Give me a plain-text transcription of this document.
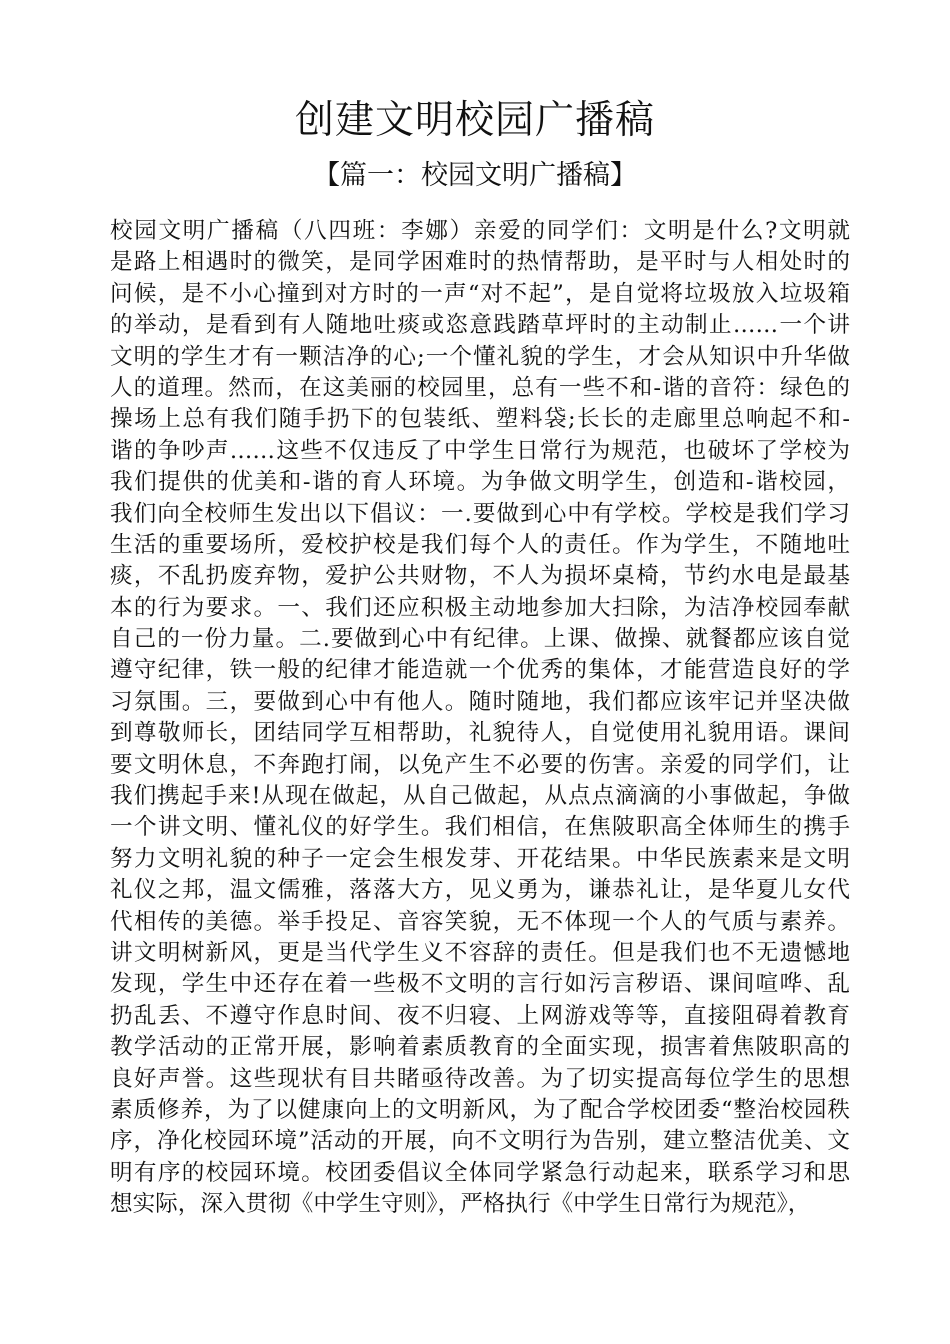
创建文明校园广播稿
【篇一：校园文明广播稿】
校园文明广播稿（八四班：李娜）亲爱的同学们：文明是什么?文明就
是路上相遇时的微笑，是同学困难时的热情帮助，是平时与人相处时的
问候，是不小心撞到对方时的一声“对不起”，是自觉将垃圾放入垃圾箱
的举动，是看到有人随地吐痰或恣意践踏草坪时的主动制止……一个讲
文明的学生才有一颗洁净的心;一个懂礼貌的学生，才会从知识中升华做
人的道理。然而，在这美丽的校园里，总有一些不和-谐的音符：绿色的
操场上总有我们随手扔下的包装纸、塑料袋;长长的走廊里总响起不和-
谐的争吵声……这些不仅违反了中学生日常行为规范，也破坏了学校为
我们提供的优美和-谐的育人环境。为争做文明学生，创造和-谐校园，
我们向全校师生发出以下倡议：一.要做到心中有学校。学校是我们学习
生活的重要场所，爱校护校是我们每个人的责任。作为学生，不随地吐
痰，不乱扔废弃物，爱护公共财物，不人为损坏桌椅，节约水电是最基
本的行为要求。一、我们还应积极主动地参加大扫除，为洁净校园奉献
自己的一份力量。二.要做到心中有纪律。上课、做操、就餐都应该自觉
遵守纪律，铁一般的纪律才能造就一个优秀的集体，才能营造良好的学
习氛围。三，要做到心中有他人。随时随地，我们都应该牢记并坚决做
到尊敬师长，团结同学互相帮助，礼貌待人，自觉使用礼貌用语。课间
要文明休息，不奔跑打闹，以免产生不必要的伤害。亲爱的同学们，让
我们携起手来!从现在做起，从自己做起，从点点滴滴的小事做起，争做
一个讲文明、懂礼仪的好学生。我们相信，在焦陂职高全体师生的携手
努力文明礼貌的种子一定会生根发芽、开花结果。中华民族素来是文明
礼仪之邦，温文儒雅，落落大方，见义勇为，谦恭礼让，是华夏儿女代
代相传的美德。举手投足、音容笑貌，无不体现一个人的气质与素养。
讲文明树新风，更是当代学生义不容辞的责任。但是我们也不无遗憾地
发现，学生中还存在着一些极不文明的言行如污言秽语、课间喧哗、乱
扔乱丢、不遵守作息时间、夜不归寝、上网游戏等等，直接阻碍着教育
教学活动的正常开展，影响着素质教育的全面实现，损害着焦陂职高的
良好声誉。这些现状有目共睹亟待改善。为了切实提高每位学生的思想
素质修养，为了以健康向上的文明新风，为了配合学校团委“整治校园秩
序，净化校园环境”活动的开展，向不文明行为告别，建立整洁优美、文
明有序的校园环境。校团委倡议全体同学紧急行动起来，联系学习和思
想实际，深入贯彻《中学生守则》，严格执行《中学生日常行为规范》，
